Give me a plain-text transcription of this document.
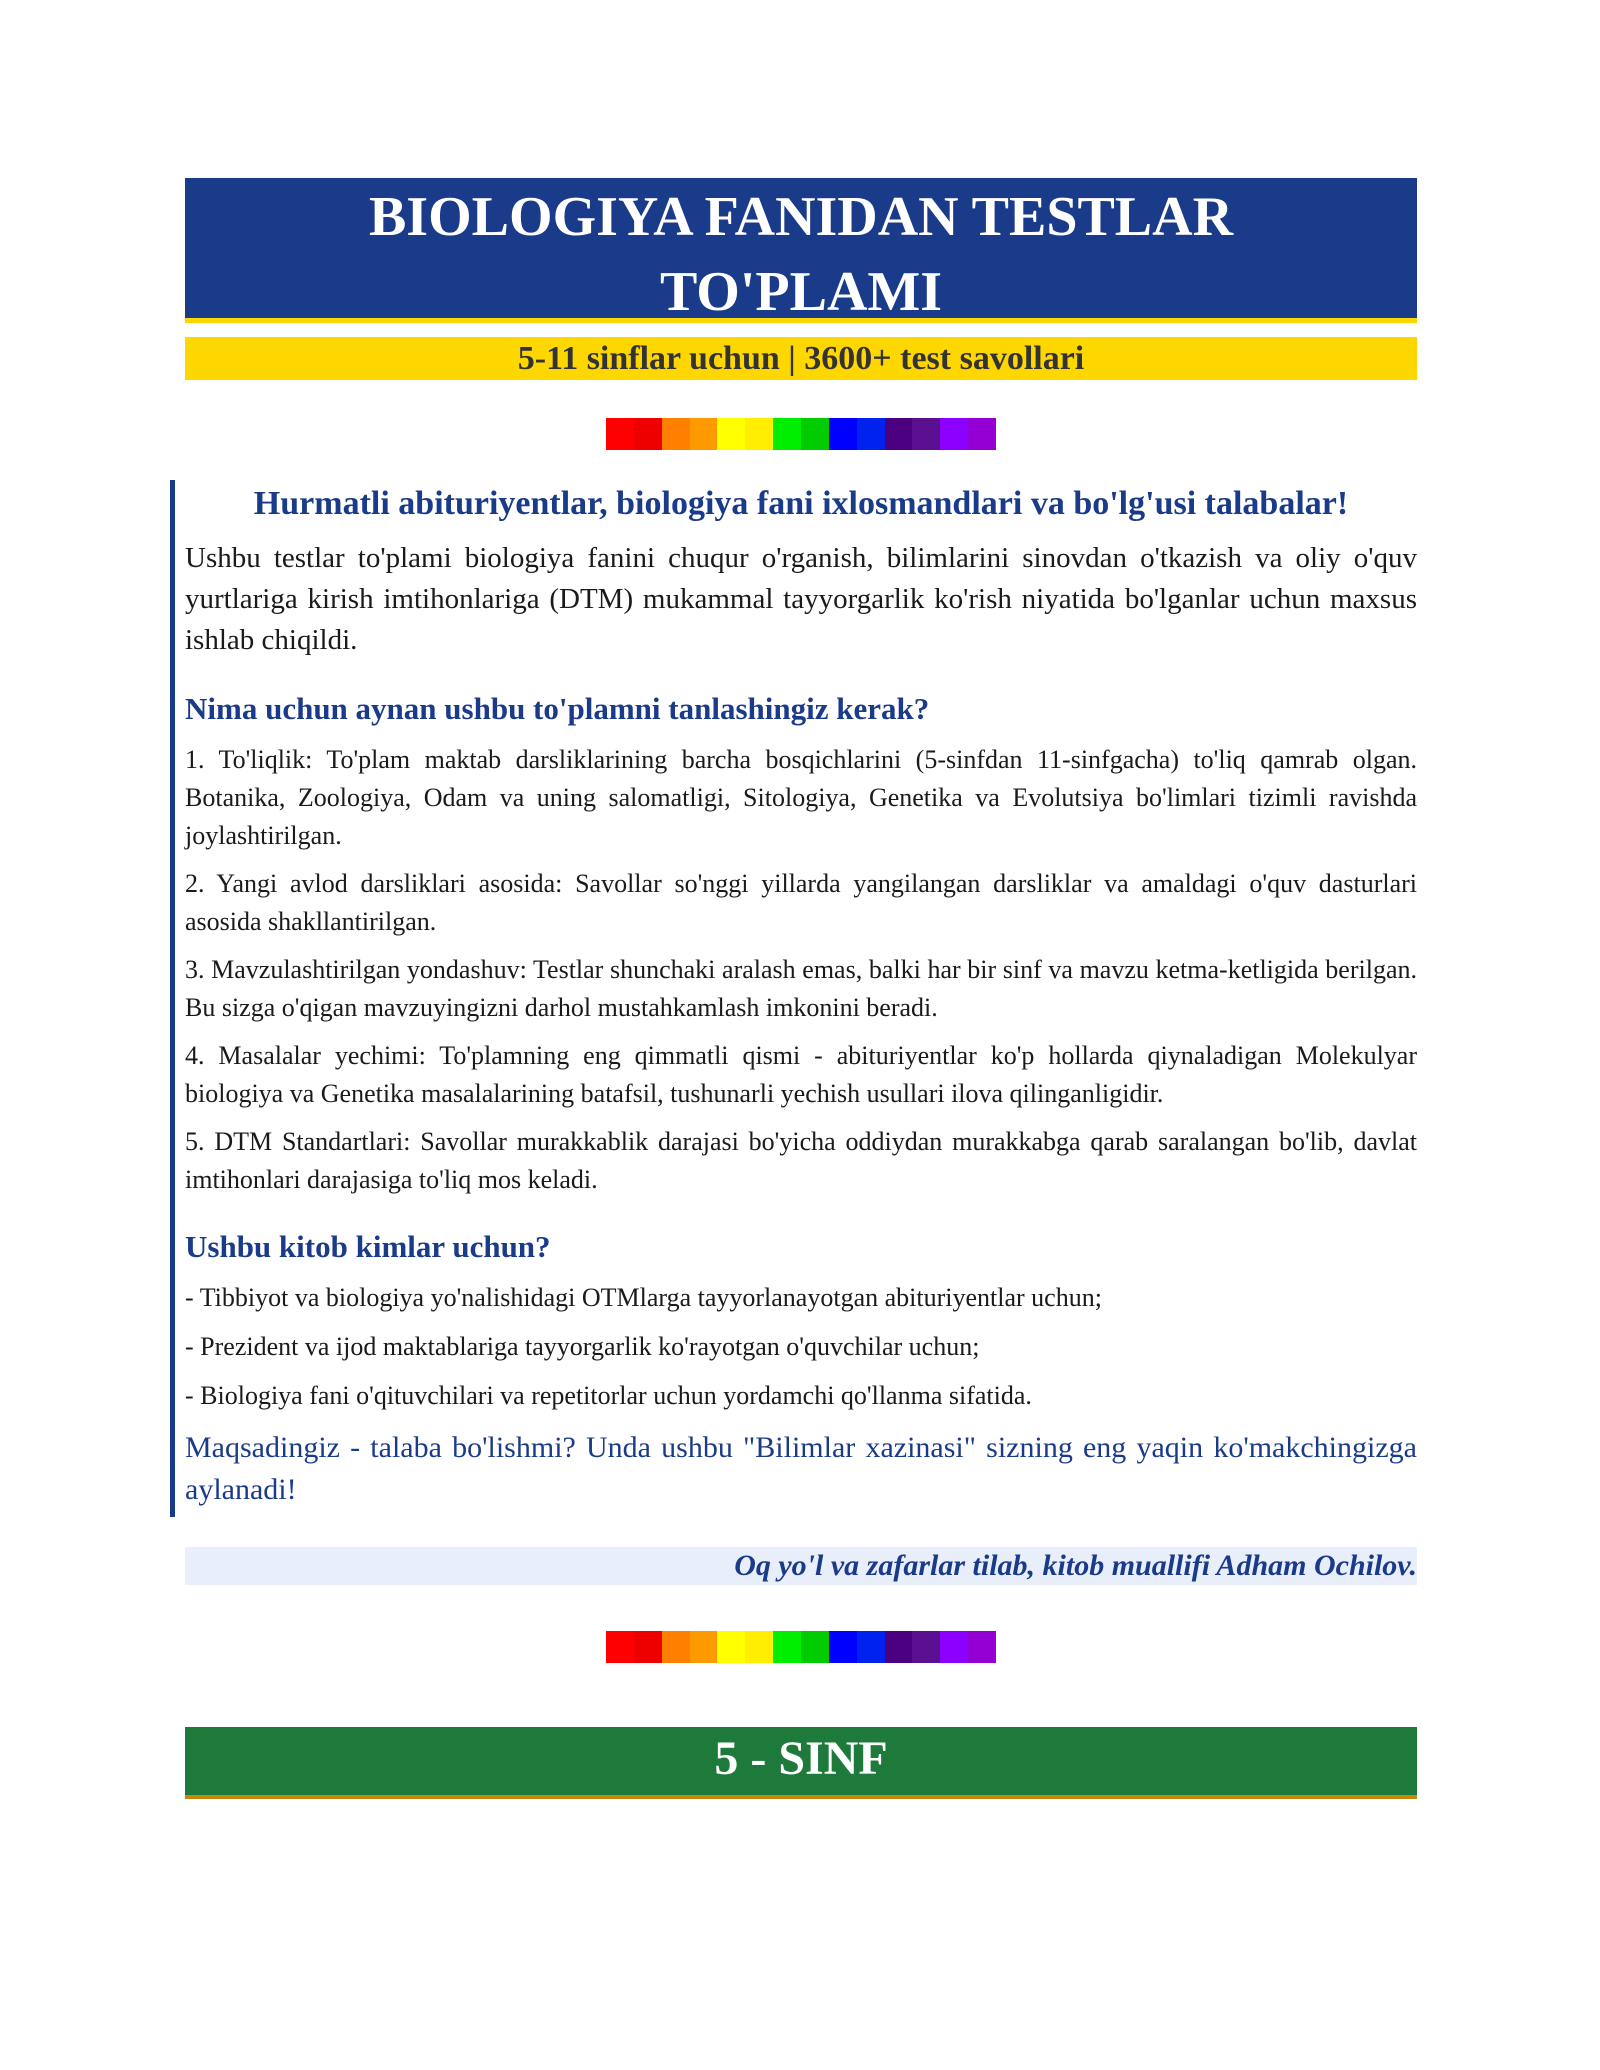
BIOLOGIYA FANIDAN TESTLAR TO'PLAMI
5-11 sinflar uchun | 3600+ test savollari

Hurmatli abituriyentlar, biologiya fani ixlosmandlari va bo'lg'usi talabalar!

Ushbu testlar to'plami biologiya fanini chuqur o'rganish, bilimlarini sinovdan o'tkazish va oliy o'quv yurtlariga kirish imtihonlariga (DTM) mukammal tayyorgarlik ko'rish niyatida bo'lganlar uchun maxsus ishlab chiqildi.

Nima uchun aynan ushbu to'plamni tanlashingiz kerak?

1. To'liqlik: To'plam maktab darsliklarining barcha bosqichlarini (5-sinfdan 11-sinfgacha) to'liq qamrab olgan. Botanika, Zoologiya, Odam va uning salomatligi, Sitologiya, Genetika va Evolutsiya bo'limlari tizimli ravishda joylashtirilgan.

2. Yangi avlod darsliklari asosida: Savollar so'nggi yillarda yangilangan darsliklar va amaldagi o'quv dasturlari asosida shakllantirilgan.

3. Mavzulashtirilgan yondashuv: Testlar shunchaki aralash emas, balki har bir sinf va mavzu ketma-ketligida berilgan. Bu sizga o'qigan mavzuyingizni darhol mustahkamlash imkonini beradi.

4. Masalalar yechimi: To'plamning eng qimmatli qismi - abituriyentlar ko'p hollarda qiynaladigan Molekulyar biologiya va Genetika masalalarining batafsil, tushunarli yechish usullari ilova qilinganligidir.

5. DTM Standartlari: Savollar murakkablik darajasi bo'yicha oddiydan murakkabga qarab saralangan bo'lib, davlat imtihonlari darajasiga to'liq mos keladi.

Ushbu kitob kimlar uchun?

- Tibbiyot va biologiya yo'nalishidagi OTMlarga tayyorlanayotgan abituriyentlar uchun;

- Prezident va ijod maktablariga tayyorgarlik ko'rayotgan o'quvchilar uchun;

- Biologiya fani o'qituvchilari va repetitorlar uchun yordamchi qo'llanma sifatida.

Maqsadingiz - talaba bo'lishmi? Unda ushbu "Bilimlar xazinasi" sizning eng yaqin ko'makchingizga aylanadi!

Oq yo'l va zafarlar tilab, kitob muallifi Adham Ochilov.
5 - SINF
